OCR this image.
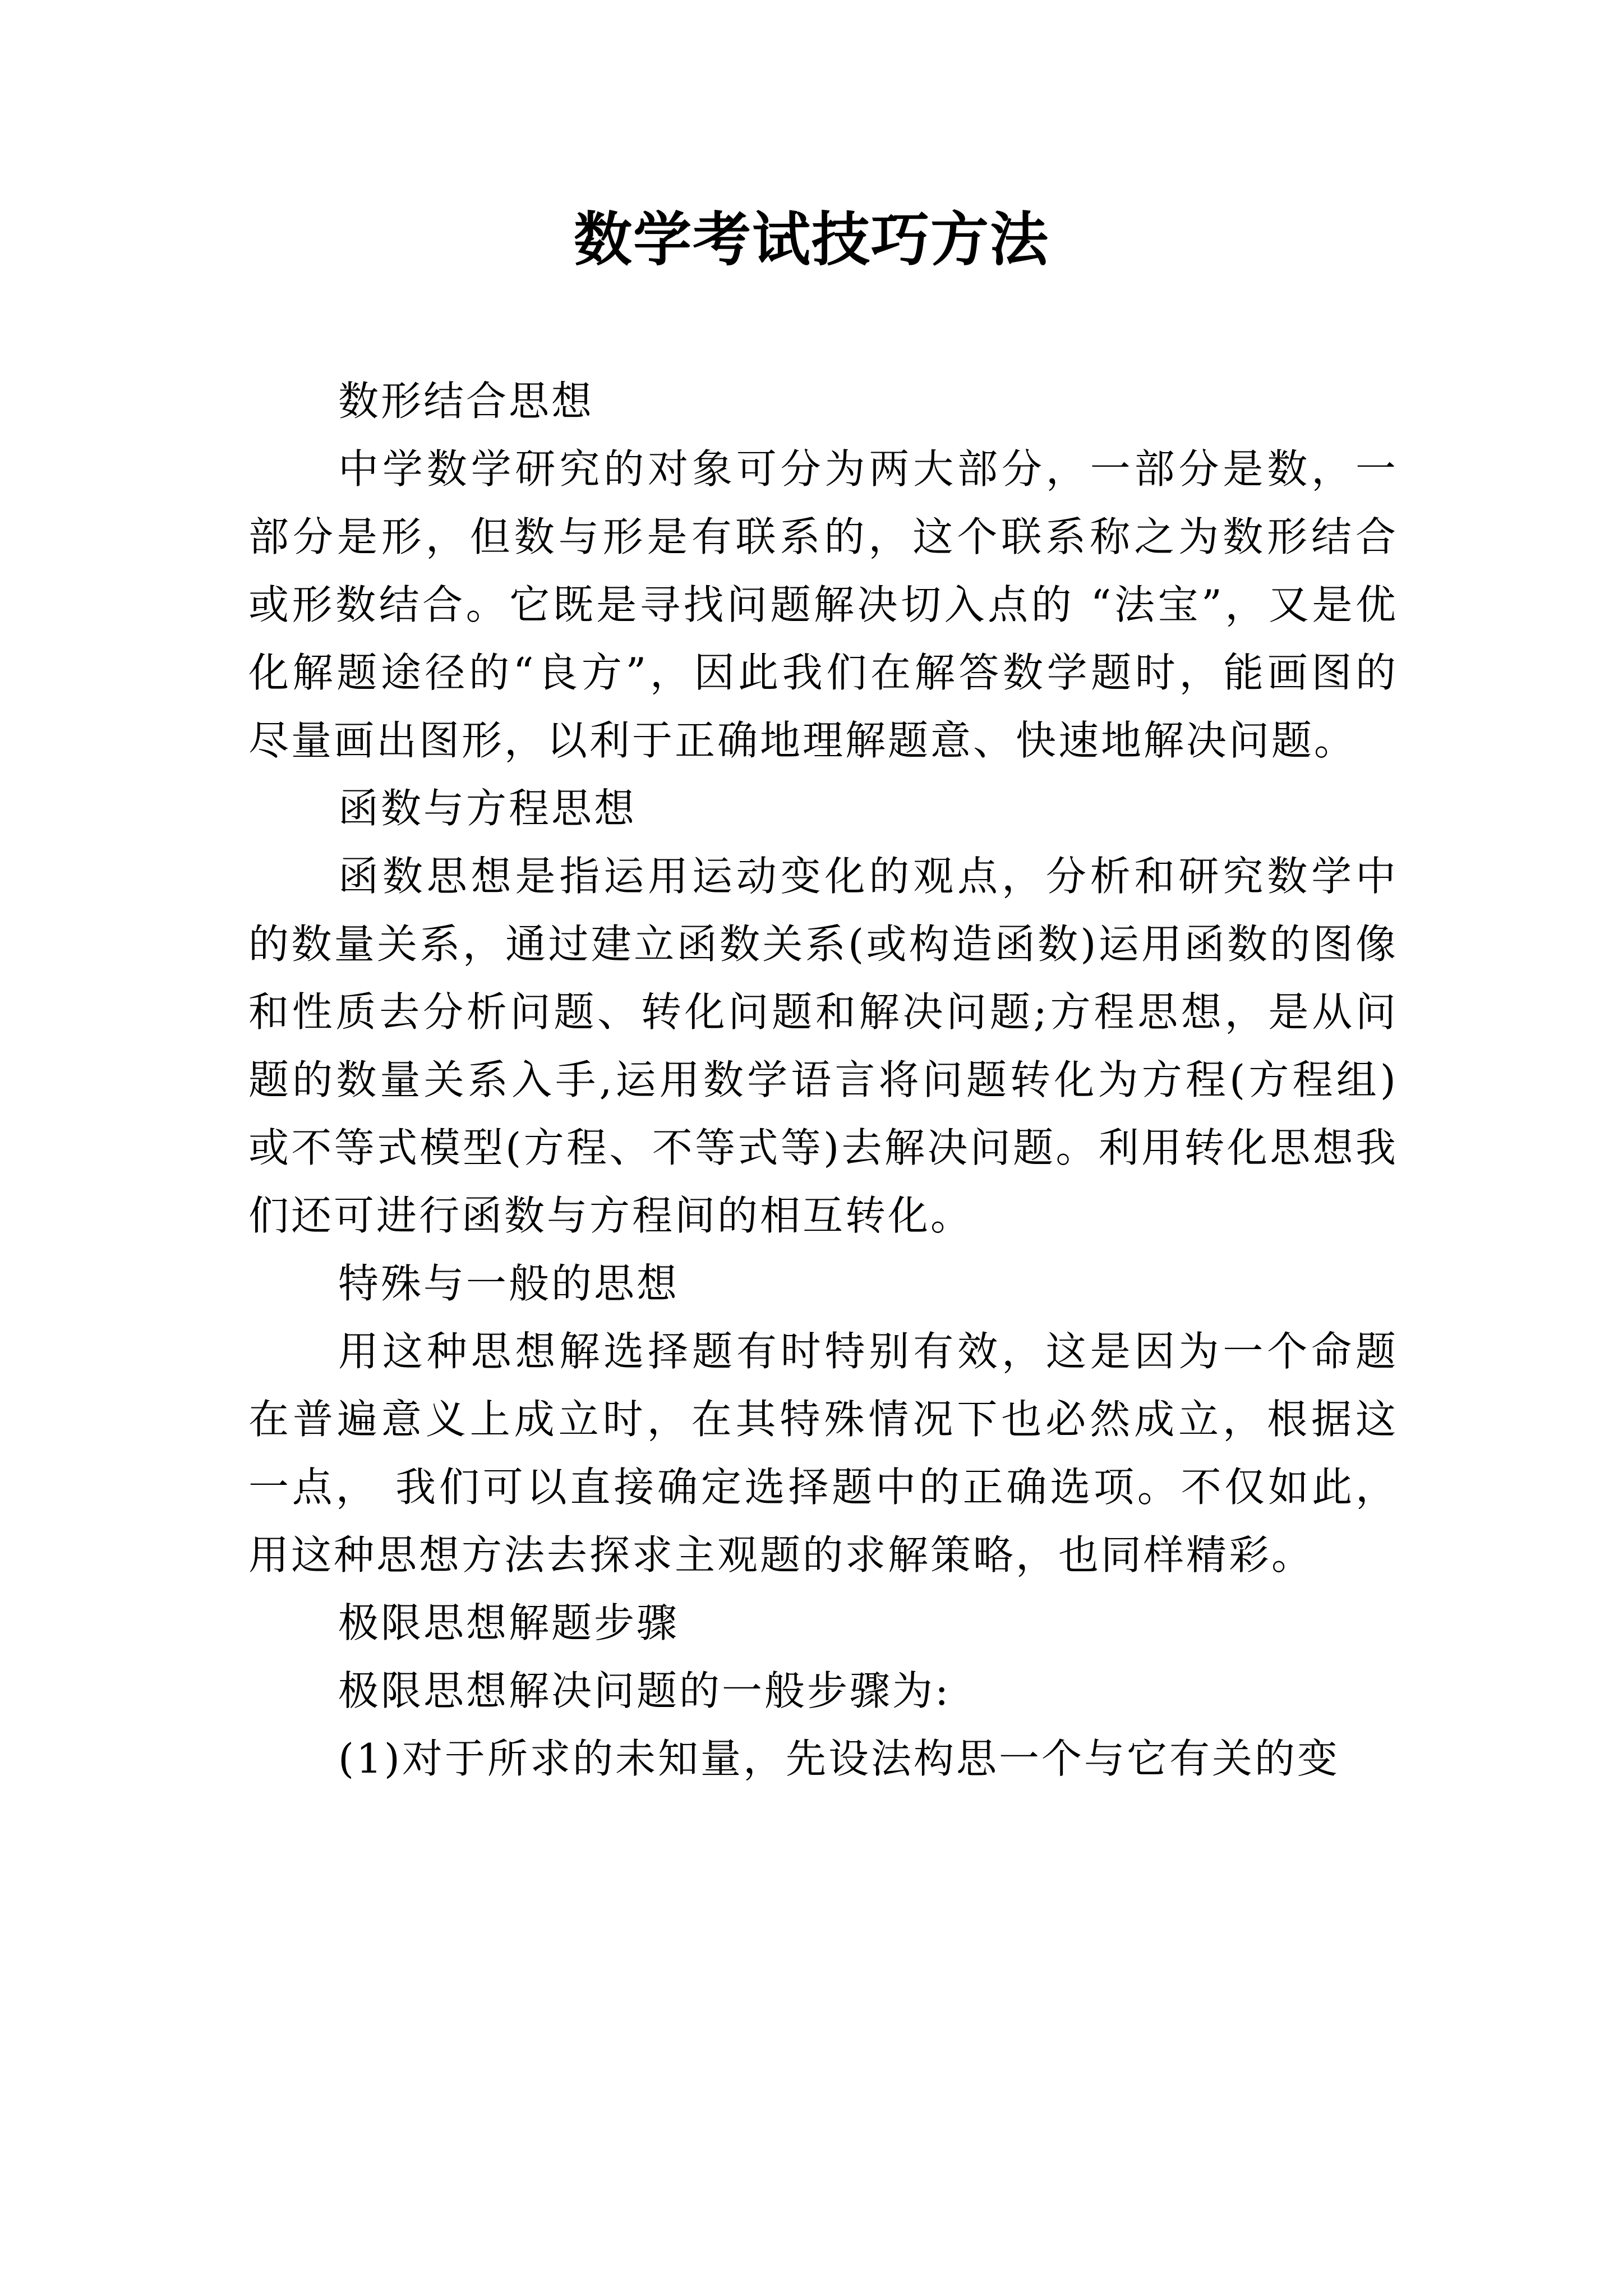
数学考试技巧方法

数形结合思想

中学数学研究的对象可分为两大部分，一部分是数，一部分是形，但数与形是有联系的，这个联系称之为数形结合或形数结合。它既是寻找问题解决切入点的 “法宝”，又是优化解题途径的“良方”，因此我们在解答数学题时，能画图的尽量画出图形，以利于正确地理解题意、快速地解决问题。

函数与方程思想

函数思想是指运用运动变化的观点，分析和研究数学中的数量关系，通过建立函数关系(或构造函数)运用函数的图像和性质去分析问题、转化问题和解决问题;方程思想，是从问题的数量关系入手,运用数学语言将问题转化为方程(方程组)或不等式模型(方程、不等式等)去解决问题。利用转化思想我们还可进行函数与方程间的相互转化。

特殊与一般的思想

用这种思想解选择题有时特别有效，这是因为一个命题在普遍意义上成立时，在其特殊情况下也必然成立，根据这一点， 我们可以直接确定选择题中的正确选项。不仅如此，用这种思想方法去探求主观题的求解策略，也同样精彩。

极限思想解题步骤

极限思想解决问题的一般步骤为:

(1)对于所求的未知量，先设法构思一个与它有关的变
